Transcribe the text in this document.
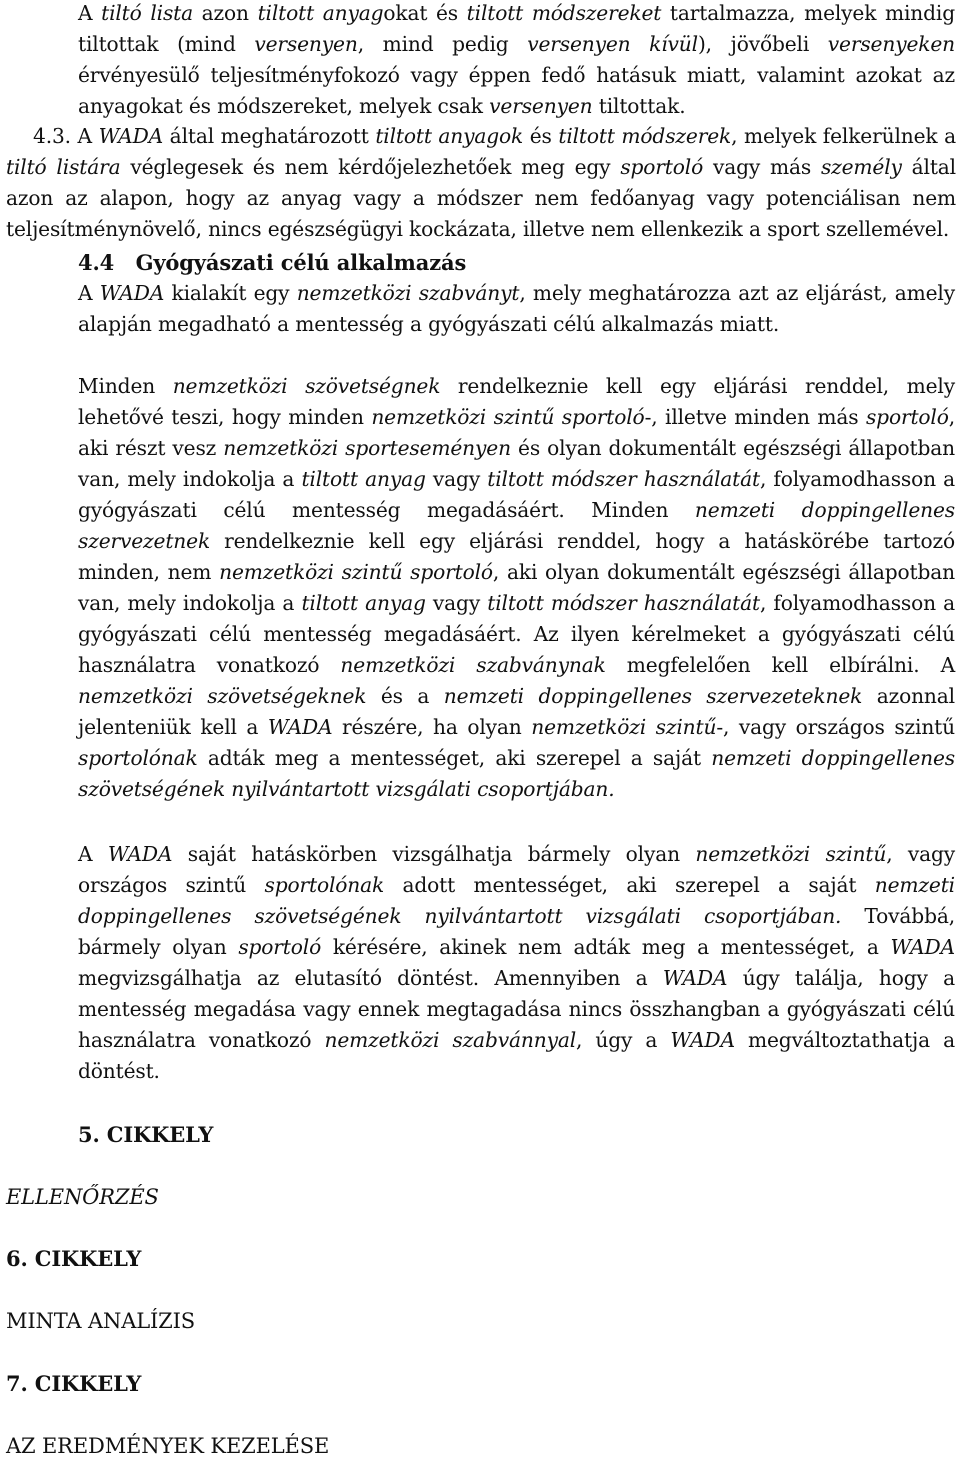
A tiltó lista azon tiltott anyagokat és tiltott módszereket tartalmazza, melyek mindig tiltottak (mind versenyen, mind pedig versenyen kívül), jövőbeli versenyeken érvényesülő teljesítményfokozó vagy éppen fedő hatásuk miatt, valamint azokat az anyagokat és módszereket, melyek csak versenyen tiltottak.

4.3. A WADA által meghatározott tiltott anyagok és tiltott módszerek, melyek felkerülnek a tiltó listára véglegesek és nem kérdőjelezhetőek meg egy sportoló vagy más személy által azon az alapon, hogy az anyag vagy a módszer nem fedőanyag vagy potenciálisan nem teljesítménynövelő, nincs egészségügyi kockázata, illetve nem ellenkezik a sport szellemével.

4.4 Gyógyászati célú alkalmazás

A WADA kialakít egy nemzetközi szabványt, mely meghatározza azt az eljárást, amely alapján megadható a mentesség a gyógyászati célú alkalmazás miatt.

Minden nemzetközi szövetségnek rendelkeznie kell egy eljárási renddel, mely lehetővé teszi, hogy minden nemzetközi szintű sportoló-, illetve minden más sportoló, aki részt vesz nemzetközi sporteseményen és olyan dokumentált egészségi állapotban van, mely indokolja a tiltott anyag vagy tiltott módszer használatát, folyamodhasson a gyógyászati célú mentesség megadásáért. Minden nemzeti doppingellenes szervezetnek rendelkeznie kell egy eljárási renddel, hogy a hatáskörébe tartozó minden, nem nemzetközi szintű sportoló, aki olyan dokumentált egészségi állapotban van, mely indokolja a tiltott anyag vagy tiltott módszer használatát, folyamodhasson a gyógyászati célú mentesség megadásáért. Az ilyen kérelmeket a gyógyászati célú használatra vonatkozó nemzetközi szabványnak megfelelően kell elbírálni. A nemzetközi szövetségeknek és a nemzeti doppingellenes szervezeteknek azonnal jelenteniük kell a WADA részére, ha olyan nemzetközi szintű-, vagy országos szintű sportolónak adták meg a mentességet, aki szerepel a saját nemzeti doppingellenes szövetségének nyilvántartott vizsgálati csoportjában.

A WADA saját hatáskörben vizsgálhatja bármely olyan nemzetközi szintű, vagy országos szintű sportolónak adott mentességet, aki szerepel a saját nemzeti doppingellenes szövetségének nyilvántartott vizsgálati csoportjában. Továbbá, bármely olyan sportoló kérésére, akinek nem adták meg a mentességet, a WADA megvizsgálhatja az elutasító döntést. Amennyiben a WADA úgy találja, hogy a mentesség megadása vagy ennek megtagadása nincs összhangban a gyógyászati célú használatra vonatkozó nemzetközi szabvánnyal, úgy a WADA megváltoztathatja a döntést.

5. CIKKELY
ELLENŐRZÉS
6. CIKKELY
MINTA ANALÍZIS
7. CIKKELY
AZ EREDMÉNYEK KEZELÉSE
